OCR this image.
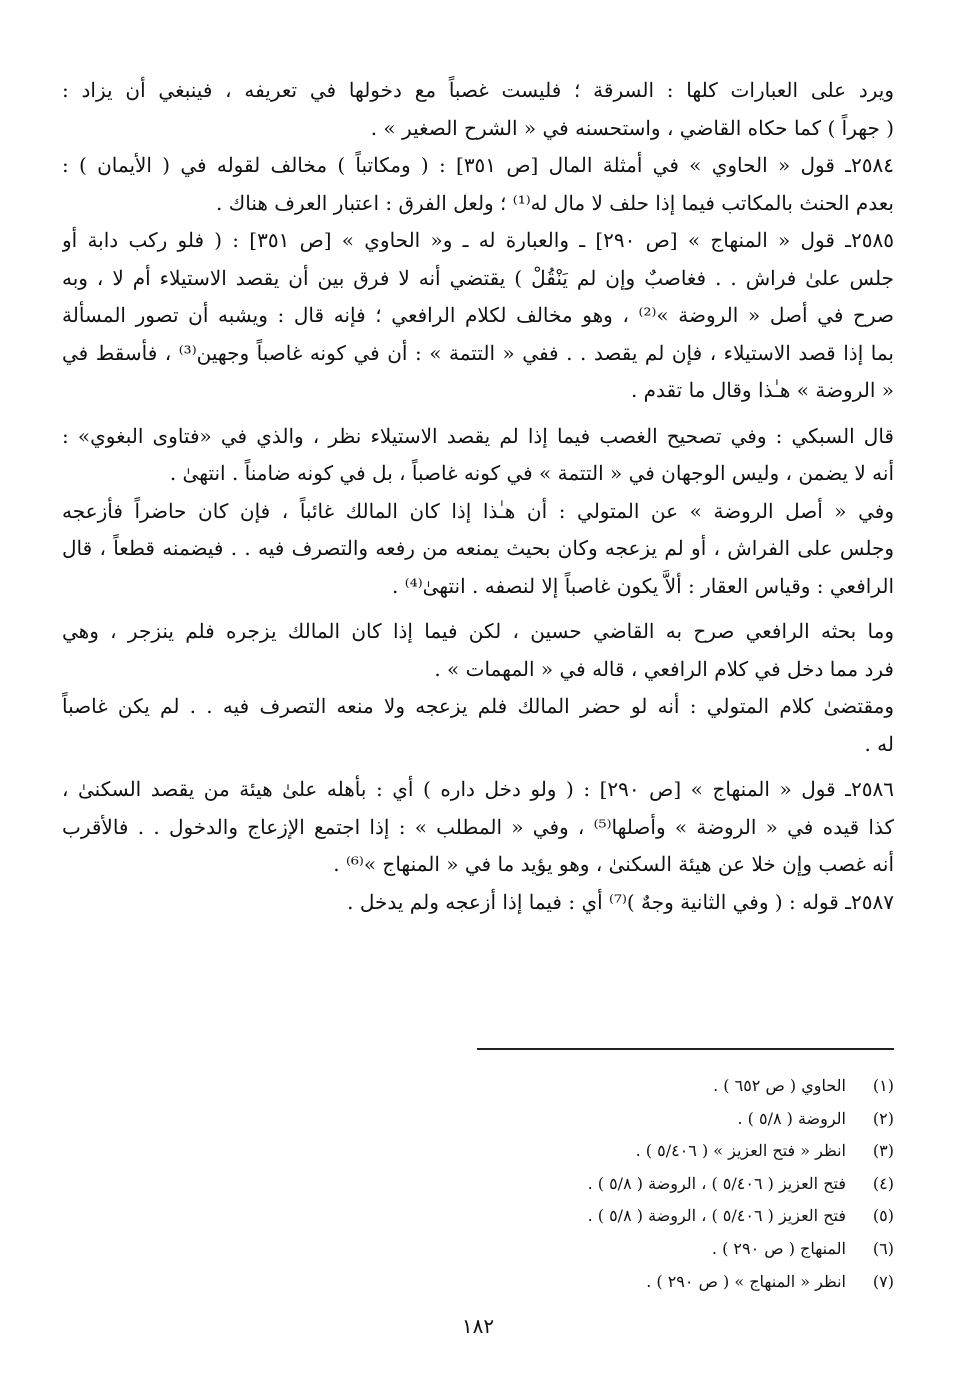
ويرد على العبارات كلها : السرقة ؛ فليست غصباً مع دخولها في تعريفه ، فينبغي أن يزاد :
( جهراً ) كما حكاه القاضي ، واستحسنه في « الشرح الصغير » .
٢٥٨٤ـ قول « الحاوي » في أمثلة المال [ص ٣٥١] : ( ومكاتباً ) مخالف لقوله في ( الأيمان ) :
بعدم الحنث بالمكاتب فيما إذا حلف لا مال له⁽¹⁾ ؛ ولعل الفرق : اعتبار العرف هناك .
٢٥٨٥ـ قول « المنهاج » [ص ٢٩٠] ـ والعبارة له ـ و« الحاوي » [ص ٣٥١] : ( فلو ركب دابة أو
جلس علىٰ فراش . . فغاصبٌ وإن لم يَنْقُلْ ) يقتضي أنه لا فرق بين أن يقصد الاستيلاء أم لا ، وبه
صرح في أصل « الروضة »⁽²⁾ ، وهو مخالف لكلام الرافعي ؛ فإنه قال : ويشبه أن تصور المسألة
بما إذا قصد الاستيلاء ، فإن لم يقصد . . ففي « التتمة » : أن في كونه غاصباً وجهين⁽³⁾ ، فأسقط في
« الروضة » هـٰذا وقال ما تقدم .
قال السبكي : وفي تصحيح الغصب فيما إذا لم يقصد الاستيلاء نظر ، والذي في «فتاوى البغوي» :
أنه لا يضمن ، وليس الوجهان في « التتمة » في كونه غاصباً ، بل في كونه ضامناً . انتهىٰ .
وفي « أصل الروضة » عن المتولي : أن هـٰذا إذا كان المالك غائباً ، فإن كان حاضراً فأزعجه
وجلس على الفراش ، أو لم يزعجه وكان بحيث يمنعه من رفعه والتصرف فيه . . فيضمنه قطعاً ، قال
الرافعي : وقياس العقار : ألاَّ يكون غاصباً إلا لنصفه . انتهىٰ⁽⁴⁾ .
وما بحثه الرافعي صرح به القاضي حسين ، لكن فيما إذا كان المالك يزجره فلم ينزجر ، وهي
فرد مما دخل في كلام الرافعي ، قاله في « المهمات » .
ومقتضىٰ كلام المتولي : أنه لو حضر المالك فلم يزعجه ولا منعه التصرف فيه . . لم يكن غاصباً
له .
٢٥٨٦ـ قول « المنهاج » [ص ٢٩٠] : ( ولو دخل داره ) أي : بأهله علىٰ هيئة من يقصد السكنىٰ ،
كذا قيده في « الروضة » وأصلها⁽⁵⁾ ، وفي « المطلب » : إذا اجتمع الإزعاج والدخول . . فالأقرب
أنه غصب وإن خلا عن هيئة السكنىٰ ، وهو يؤيد ما في « المنهاج »⁽⁶⁾ .
٢٥٨٧ـ قوله : ( وفي الثانية وجهٌ )⁽⁷⁾ أي : فيما إذا أزعجه ولم يدخل .
(١)
الحاوي ( ص ٦٥٢ ) .
(٢)
الروضة ( ٥/٨ ) .
(٣)
انظر « فتح العزيز » ( ٥/٤٠٦ ) .
(٤)
فتح العزيز ( ٥/٤٠٦ ) ، الروضة ( ٥/٨ ) .
(٥)
فتح العزيز ( ٥/٤٠٦ ) ، الروضة ( ٥/٨ ) .
(٦)
المنهاج ( ص ٢٩٠ ) .
(٧)
انظر « المنهاج » ( ص ٢٩٠ ) .
١٨٢
